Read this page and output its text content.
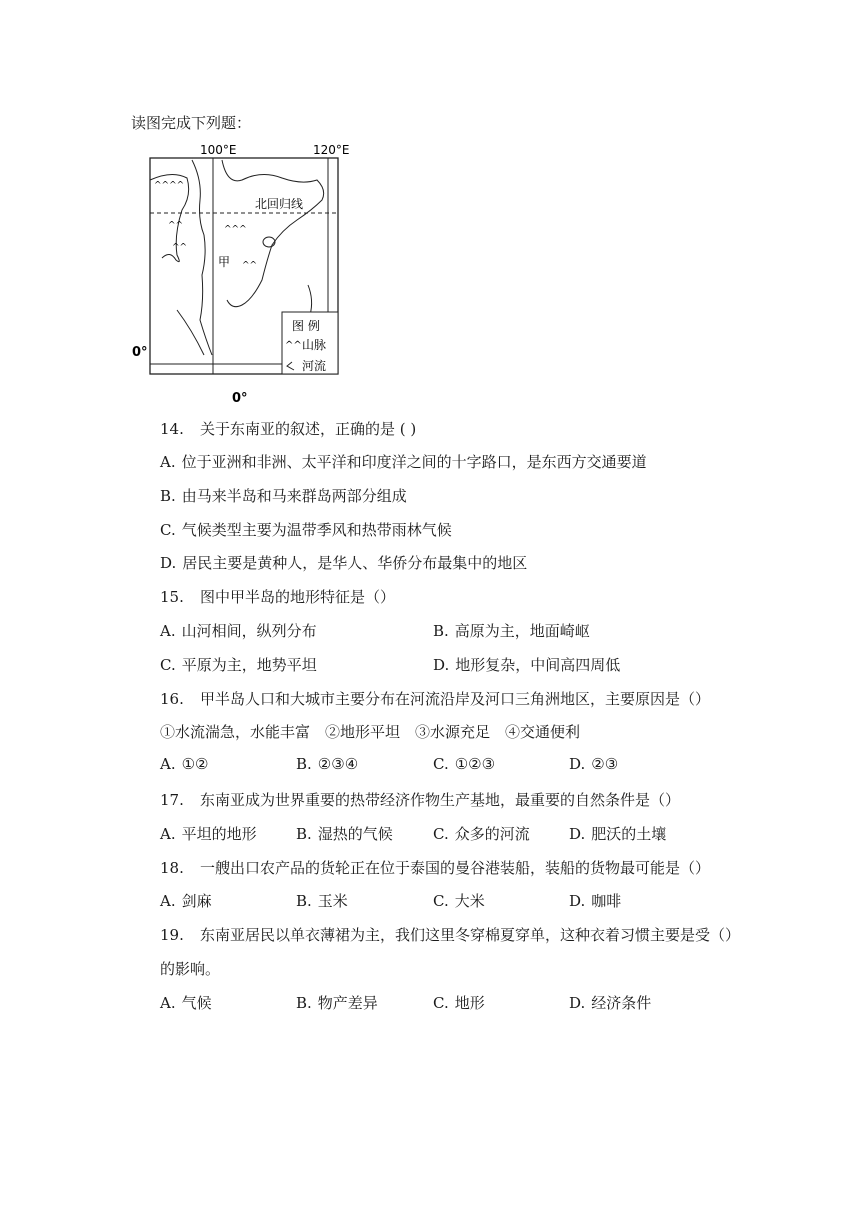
读图完成下列题：
100°E	120°E
北回归线
^^^^
^^
^^
^^^
^^
甲
图 例
^^ 山脉
河流
0°
0°
14. 关于东南亚的叙述，正确的是 ( )
A. 位于亚洲和非洲、太平洋和印度洋之间的十字路口，是东西方交通要道
B. 由马来半岛和马来群岛两部分组成
C. 气候类型主要为温带季风和热带雨林气候
D. 居民主要是黄种人，是华人、华侨分布最集中的地区
15. 图中甲半岛的地形特征是（）
A. 山河相间，纵列分布	B. 高原为主，地面崎岖
C. 平原为主，地势平坦	D. 地形复杂，中间高四周低
16. 甲半岛人口和大城市主要分布在河流沿岸及河口三角洲地区，主要原因是（）
①水流湍急，水能丰富　②地形平坦　③水源充足　④交通便利
A. ①②	B. ②③④	C. ①②③	D. ②③
17. 东南亚成为世界重要的热带经济作物生产基地，最重要的自然条件是（）
A. 平坦的地形	B. 湿热的气候	C. 众多的河流	D. 肥沃的土壤
18. 一艘出口农产品的货轮正在位于泰国的曼谷港装船，装船的货物最可能是（）
A. 剑麻	B. 玉米	C. 大米	D. 咖啡
19. 东南亚居民以单衣薄裙为主，我们这里冬穿棉夏穿单，这种衣着习惯主要是受（）
的影响。
A. 气候	B. 物产差异	C. 地形	D. 经济条件
